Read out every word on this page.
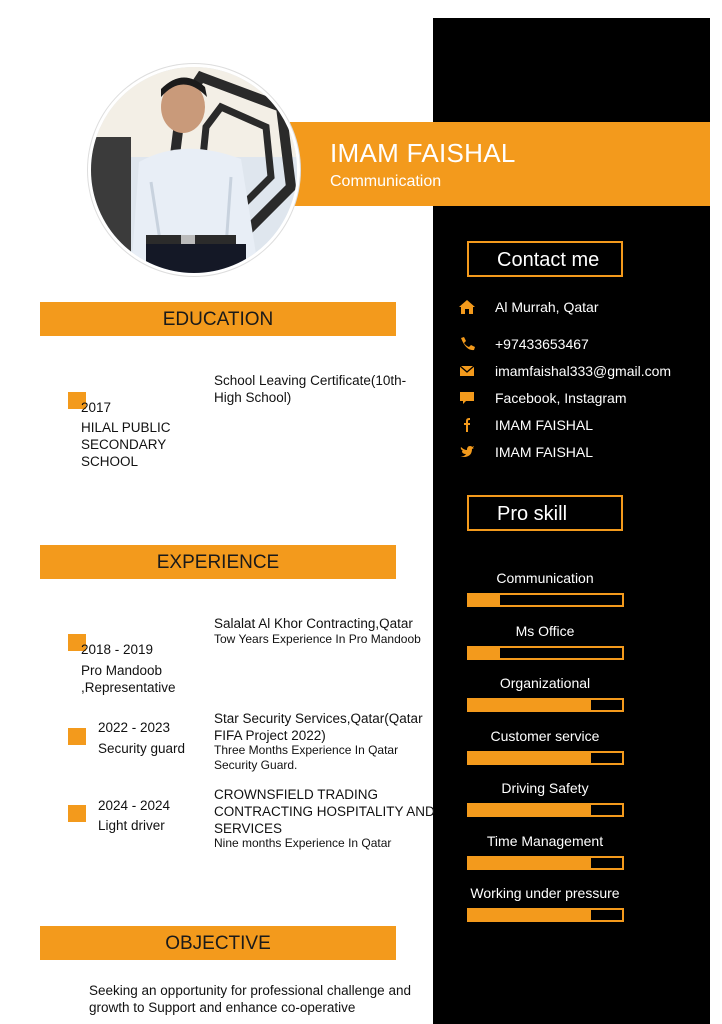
IMAM FAISHAL
Communication
EDUCATION
2017
HILAL PUBLIC
SECONDARY
SCHOOL
School Leaving Certificate(10th-
High School)
EXPERIENCE
2018 - 2019
Pro Mandoob
,Representative
Salalat Al Khor Contracting,Qatar
Tow Years Experience In Pro Mandoob
2022 - 2023
Security guard
Star Security Services,Qatar(Qatar
FIFA Project 2022)
Three Months Experience In Qatar
Security Guard.
2024 - 2024
Light driver
CROWNSFIELD TRADING
CONTRACTING HOSPITALITY AND
SERVICES
Nine months Experience In Qatar
OBJECTIVE
Seeking an opportunity for professional challenge and
growth to Support and enhance co-operative
Contact me
Al Murrah, Qatar
+97433653467
imamfaishal333@gmail.com
Facebook, Instagram
IMAM FAISHAL
IMAM FAISHAL
Pro skill
Communication
Ms Office
Organizational
Customer service
Driving Safety
Time Management
Working under pressure
